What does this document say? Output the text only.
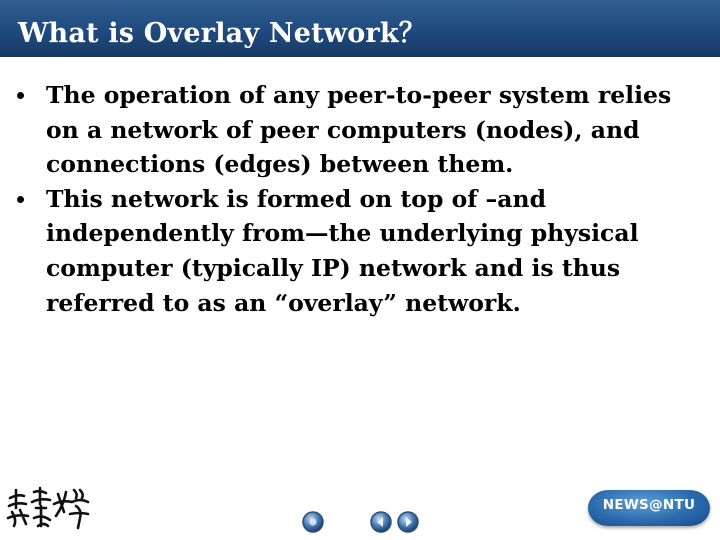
What is Overlay Network？
The operation of any peer-to-peer system relies on a network of peer computers (nodes), and connections (edges) between them.
This network is formed on top of –and independently from—the underlying physical computer (typically IP) network and is thus referred to as an “overlay” network.
NEWS@NTU
